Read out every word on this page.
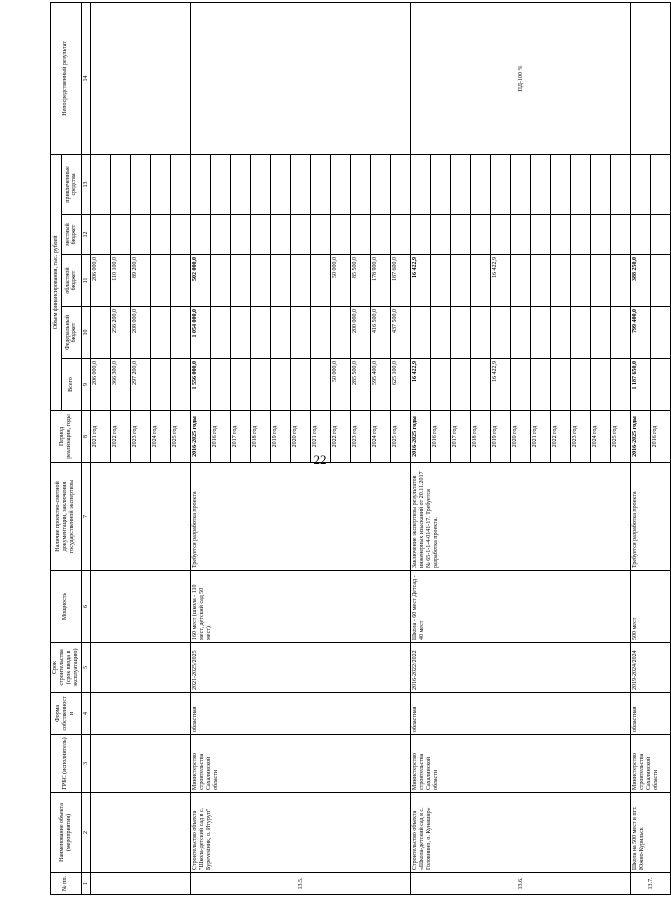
22
№ пп.	Наименование объекта (мероприятия)	ГРБС (исполнитель)	Форма собственности	Срок строительства (срок ввода в эксплуатацию)	Мощность	Наличие проектно-сметной документации, заключения государственной экспертизы	Период реализации, годы	Объем финансирования, тыс. рублей					Непосредственный результат
								Всего	Федеральный бюджет	областной бюджет	местный бюджет	привлеченные средства	
1	2	3	4	5	6	7	8	9	10	11	12	13	14
							2021 год	206 000,0		206 000,0			
							2022 год	366 300,0	256 200,0	110 100,0			
							2023 год	297 200,0	208 000,0	89 200,0			
							2024 год						
							2025 год						
13.5.	Строительство объекта "Школа-детский сад в с. Бурevestник, о. Итуруп"	Министерство строительства Сахалинской области	областная	2021-2025/2025	160 мест (школа - 110 мест, детский сад 50 мест)	Требуется разработка проекта	2016-2025 годы	1 556 000,0	1 054 000,0	502 000,0			
							2016 год						
							2017 год						
							2018 год						
							2019 год						
							2020 год						
							2021 год						
							2022 год	50 000,0		50 000,0			
							2023 год	285 500,0	200 000,0	85 500,0			
							2024 год	595 400,0	416 500,0	178 900,0			
							2025 год	625 100,0	437 500,0	187 600,0			
13.6.	Строительство объекта «Школа-детский сад в с. Головнино, о. Кунашир»	Министерство строительства Сахалинской области	областная	2016-2022/2022	Школа - 60 мест Детсад - 40 мест	Заключение экспертизы результатов инженерных изысканий от 20.11.2017 № 65-1-1-4-0141-17. Требуется разработка проекта.	2016-2025 годы	16 422,9		16 422,9			ПД-100 %
							2016 год						
							2017 год						
							2018 год						
							2019 год	16 422,9		16 422,9			
							2020 год						
							2021 год						
							2022 год						
							2023 год						
							2024 год						
							2025 год						
13.7.	Школа на 500 мест в пгт. Южно-Курильск	Министерство строительства Сахалинской области	областная	2019-2024/2024	500 мест	Требуется разработка проекта	2016-2025 годы	1 187 650,0	799 400,0	388 250,0			
							2016 год						
